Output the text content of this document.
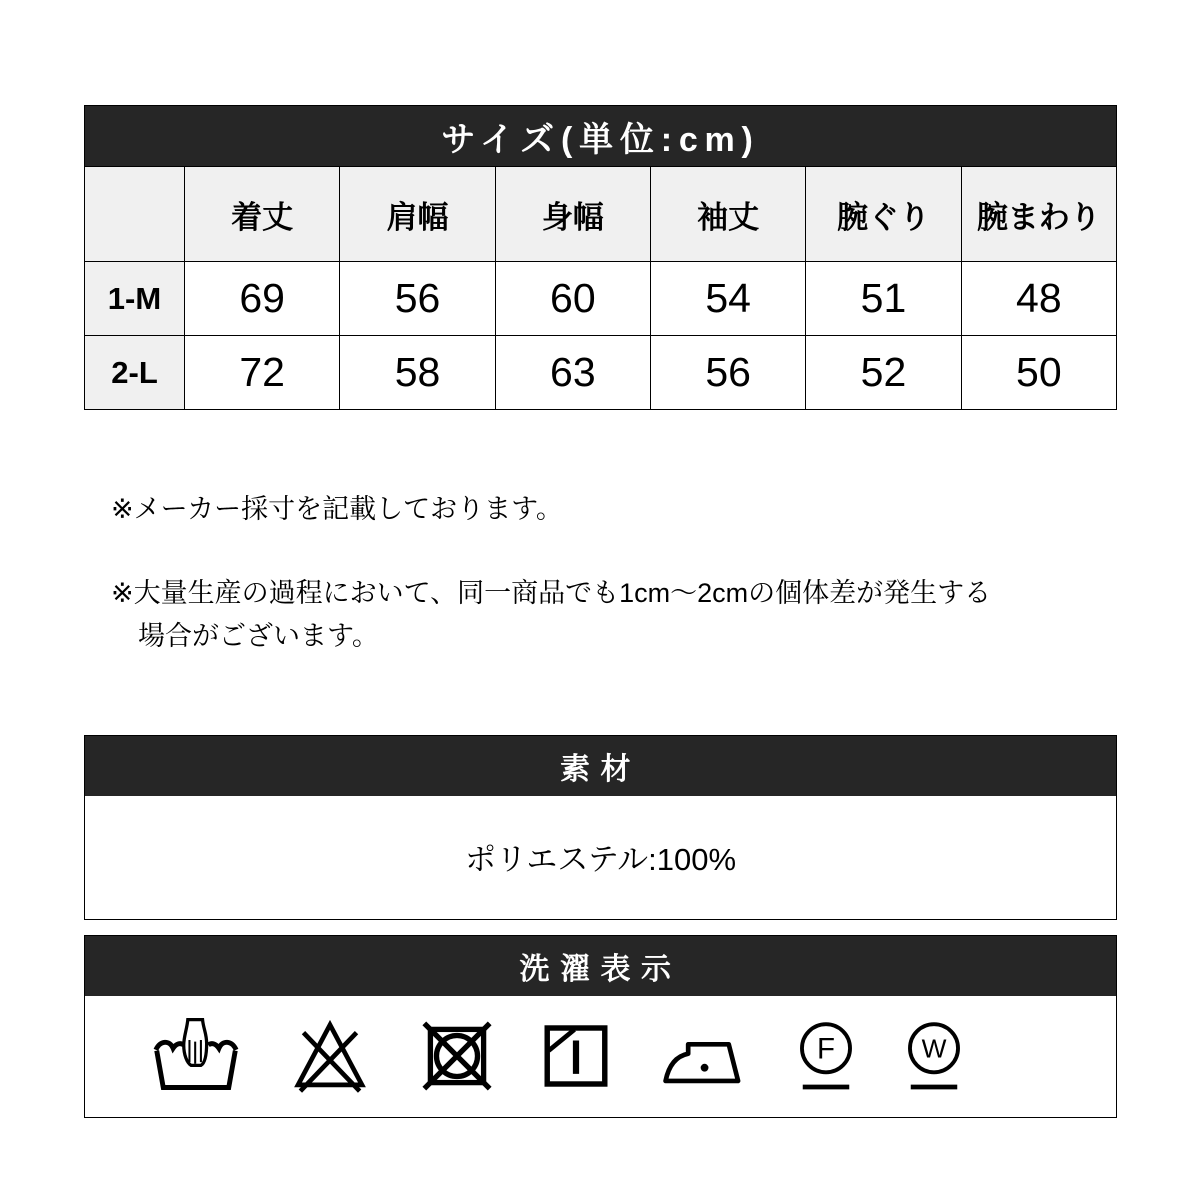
サイズ(単位:cm)						
	着丈	肩幅	身幅	袖丈	腕ぐり	腕まわり
1-M	69	56	60	54	51	48
2-L	72	58	63	56	52	50
※メーカー採寸を記載しております。
※大量生産の過程において、同一商品でも1cm〜2cmの個体差が発生する
場合がございます。
素材
ポリエステル:100%
洗濯表示
F	W
